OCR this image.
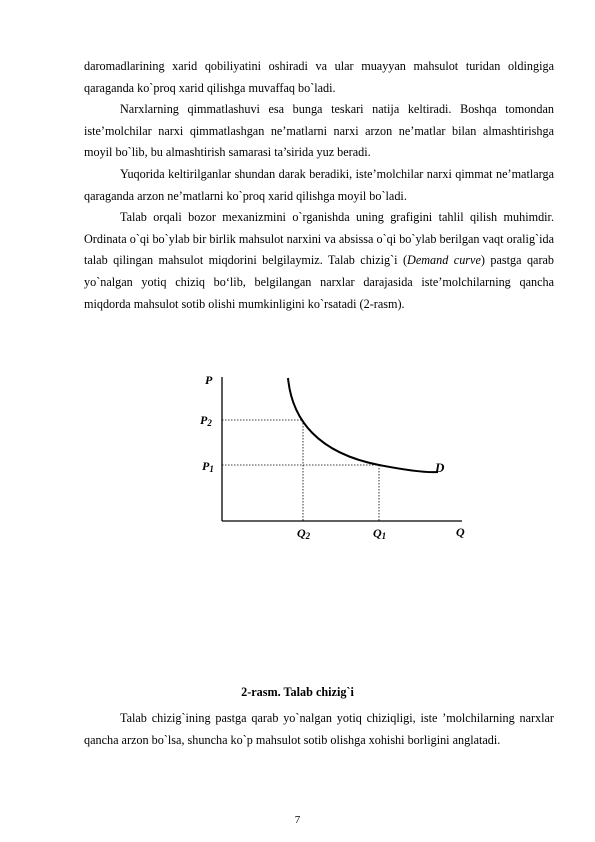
daromadlarining xarid qobiliyatini oshiradi va ular muayyan mahsulot turidan oldingiga qaraganda ko`proq xarid qilishga muvaffaq bo`ladi.

Narxlarning qimmatlashuvi esa bunga teskari natija keltiradi. Boshqa tomondan iste’molchilar narxi qimmatlashgan ne’matlarni narxi arzon ne’matlar bilan almashtirishga moyil bo`lib, bu almashtirish samarasi ta’sirida yuz beradi.

Yuqorida keltirilganlar shundan darak beradiki, iste’molchilar narxi qimmat ne’matlarga qaraganda arzon ne’matlarni ko`proq xarid qilishga moyil bo`ladi.

Talab orqali bozor mexanizmini o`rganishda uning grafigini tahlil qilish muhimdir. Ordinata o`qi bo`ylab bir birlik mahsulot narxini va absissa o`qi bo`ylab berilgan vaqt oralig`ida talab qilingan mahsulot miqdorini belgilaymiz. Talab chizig`i (Demand curve) pastga qarab yo`nalgan yotiq chiziq bo‘lib, belgilangan narxlar darajasida iste’molchilarning qancha miqdorda mahsulot sotib olishi mumkinligini ko`rsatadi (2-rasm).

P
P2
P1
Q2	Q1	Q
D
2-rasm. Talab chizig`i

Talab chizig`ining pastga qarab yo`nalgan yotiq chiziqligi, iste ’molchilarning narxlar qancha arzon bo`lsa, shuncha ko`p mahsulot sotib olishga xohishi borligini anglatadi.

7
